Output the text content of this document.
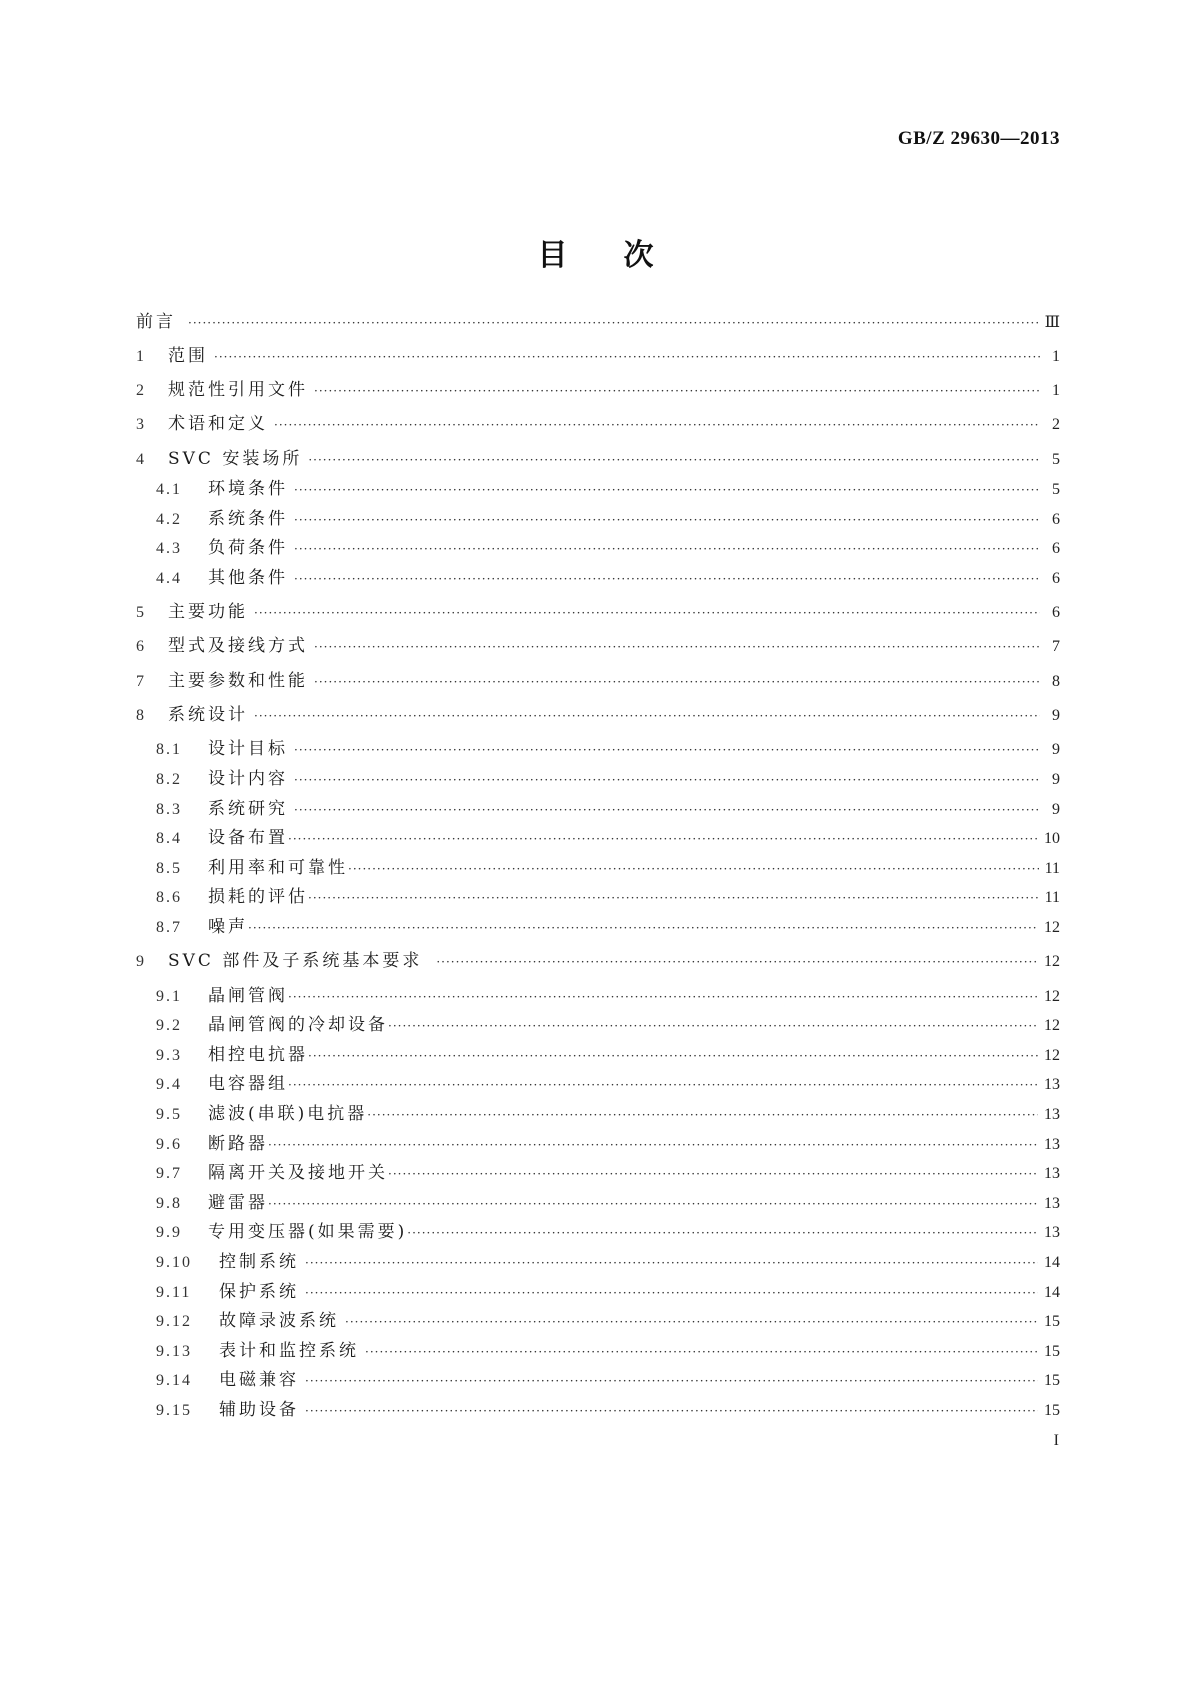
GB/Z 29630—2013
目次
前言 ·····	Ⅲ
1	范围 ·····	1
2	规范性引用文件 ·····	1
3	术语和定义 ·····	2
4	SVC 安装场所 ·····	5
4.1	环境条件 ·····	5
4.2	系统条件 ·····	6
4.3	负荷条件 ·····	6
4.4	其他条件 ·····	6
5	主要功能 ·····	6
6	型式及接线方式 ·····	7
7	主要参数和性能 ·····	8
8	系统设计 ·····	9
8.1	设计目标 ·····	9
8.2	设计内容 ·····	9
8.3	系统研究 ·····	9
8.4	设备布置 ·····	10
8.5	利用率和可靠性 ·····	11
8.6	损耗的评估 ·····	11
8.7	噪声 ·····	12
9	SVC 部件及子系统基本要求 ·····	12
9.1	晶闸管阀 ·····	12
9.2	晶闸管阀的冷却设备 ·····	12
9.3	相控电抗器 ·····	12
9.4	电容器组 ·····	13
9.5	滤波(串联)电抗器 ·····	13
9.6	断路器 ·····	13
9.7	隔离开关及接地开关 ·····	13
9.8	避雷器 ·····	13
9.9	专用变压器(如果需要) ·····	13
9.10	控制系统 ·····	14
9.11	保护系统 ·····	14
9.12	故障录波系统 ·····	15
9.13	表计和监控系统 ·····	15
9.14	电磁兼容 ·····	15
9.15	辅助设备 ·····	15
I
